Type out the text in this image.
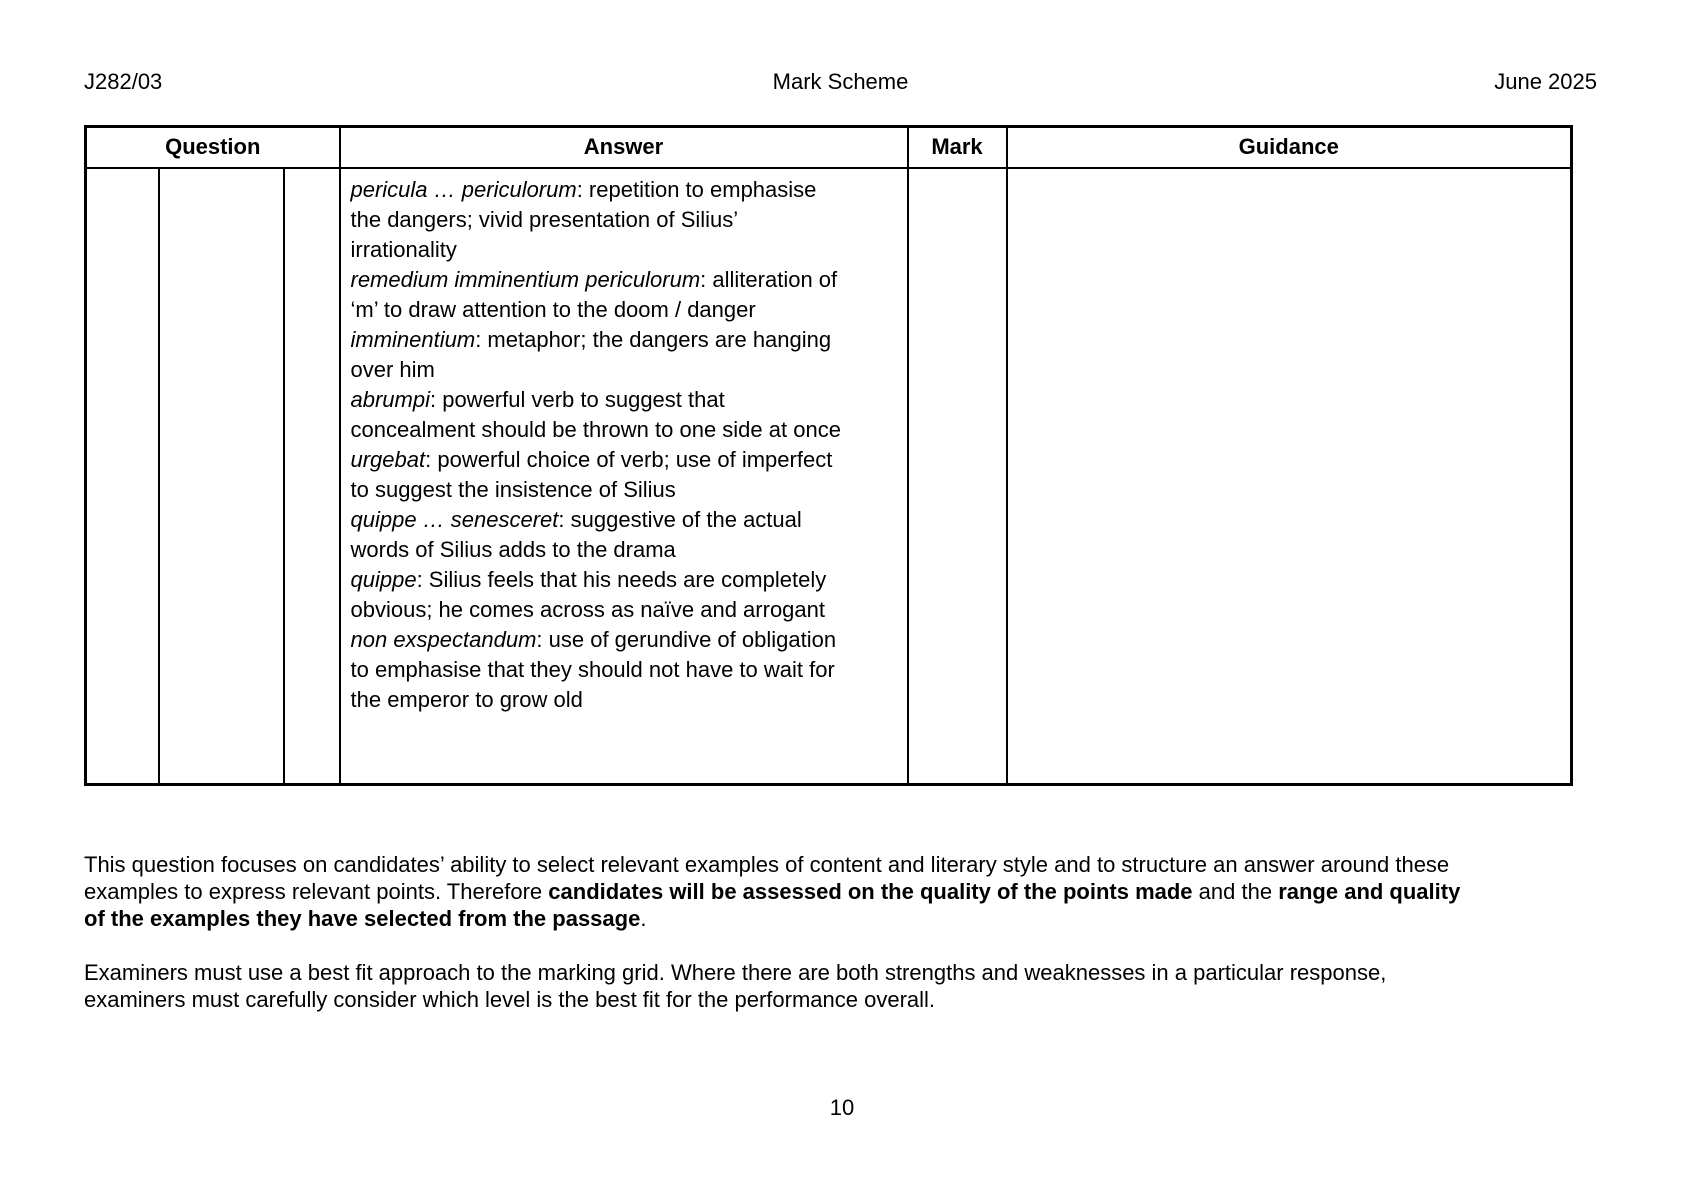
J282/03	Mark Scheme	June 2025
Question			Answer	Mark	Guidance
			pericula … periculorum: repetition to emphasise
the dangers; vivid presentation of Silius’
irrationality
remedium imminentium periculorum: alliteration of
‘m’ to draw attention to the doom / danger
imminentium: metaphor; the dangers are hanging
over him
abrumpi: powerful verb to suggest that
concealment should be thrown to one side at once
urgebat: powerful choice of verb; use of imperfect
to suggest the insistence of Silius
quippe … senesceret: suggestive of the actual
words of Silius adds to the drama
quippe: Silius feels that his needs are completely
obvious; he comes across as naïve and arrogant
non exspectandum: use of gerundive of obligation
to emphasise that they should not have to wait for
the emperor to grow old		
This question focuses on candidates’ ability to select relevant examples of content and literary style and to structure an answer around these
examples to express relevant points. Therefore candidates will be assessed on the quality of the points made and the range and quality
of the examples they have selected from the passage.
Examiners must use a best fit approach to the marking grid. Where there are both strengths and weaknesses in a particular response,
examiners must carefully consider which level is the best fit for the performance overall.
10
